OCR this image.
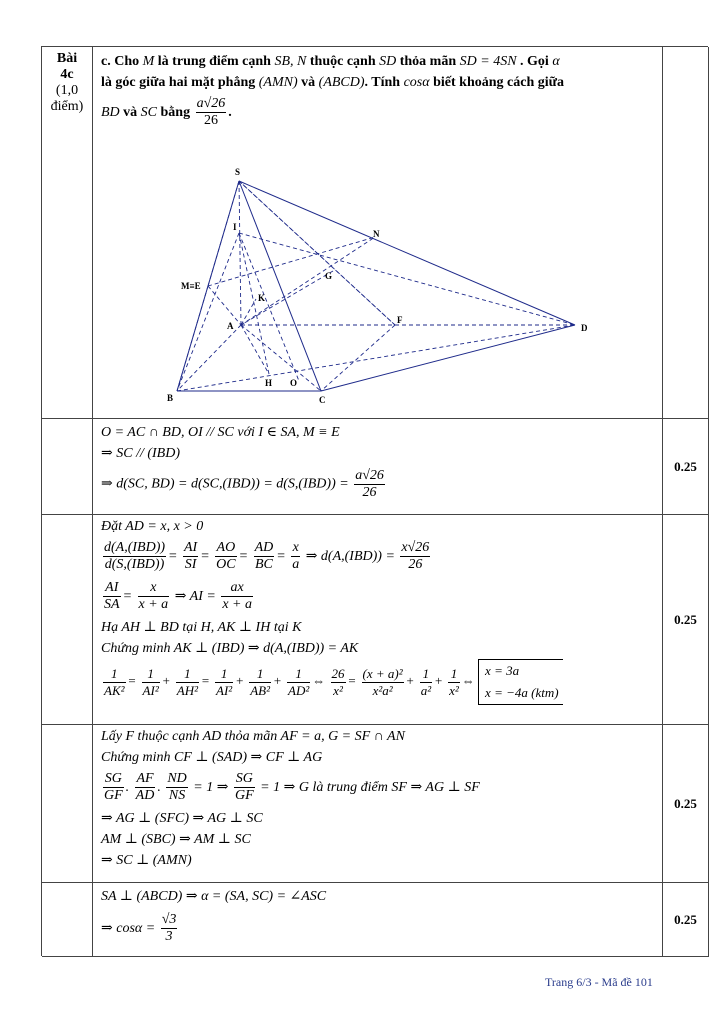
Bài
4c
(1,0
điểm)
c. Cho M là trung điểm cạnh SB, N thuộc cạnh SD thỏa mãn SD = 4SN . Gọi α
là góc giữa hai mặt phẳng (AMN) và (ABCD). Tính cosα biết khoảng cách giữa
BD và SC bằng $\frac{a√26}{26}$ .
S
I
N
G
M≡E
K
A
F
D
H O
B	C
O = AC ∩ BD, OI // SC với I ∈ SA, M ≡ E
⇒ SC // (IBD)
⇒ d(SC, $BD) = d(SC,(IBD)) = d(S,(IBD)) = \frac{a√26}{26}$
0.25
Đặt AD = x, x > 0
$\frac{\text{d(A,(IBD))}}{\text{d(S,(IBD))}} = \frac{AI}{SI} = \frac{AO}{OC} = \frac{AD}{BC} = \frac{x}{a}$ ⇒ $d(A,(IBD)) = \frac{x√26}{26}$
$\frac{AI}{SA} = \frac{x}{x + a}$ ⇒ AI = $\frac{ax}{x + a}$
Hạ AH ⊥ BD tại H, AK ⊥ IH tại K
Chứng minh AK ⊥ (IBD) ⇒ d(A,(IBD)) = AK
$\frac{1}{\text{AK²}} = \frac{1}{\text{AI²}} + \frac{1}{\text{AH²}} = \frac{1}{\text{AI²}} + \frac{1}{\text{AB²}} + \frac{1}{\text{AD²}}$ ⇔ $\frac{26}{\text{x²}} = \frac{\text{(x + a)²}}{\text{x²a²}} + \frac{1}{\text{a²}} + \frac{1}{\text{x²}}$ ⇔
x = 3a
x = −4a (ktm)
0.25
Lấy F thuộc cạnh AD thỏa mãn AF = a, G = SF ∩ AN
Chứng minh CF ⊥ (SAD) ⇒ CF ⊥ AG
$\frac{SG}{GF}$ . $\frac{AF}{AD}$ . $\frac{ND}{NS} = 1$ ⇒ $\frac{SG}{GF} = 1$ ⇒ G là trung điểm SF ⇒ AG ⊥ SF
⇒ AG ⊥ (SFC) ⇒ AG ⊥ SC
AM ⊥ (SBC) ⇒ AM ⊥ SC
⇒ SC ⊥ (AMN)
0.25
SA ⊥ (ABCD) ⇒ α = (SA, SC) = ∠ASC
⇒ $\cos\alpha = \frac{√3}{3}$	0.25
Trang 6/3 - Mã đề 101
